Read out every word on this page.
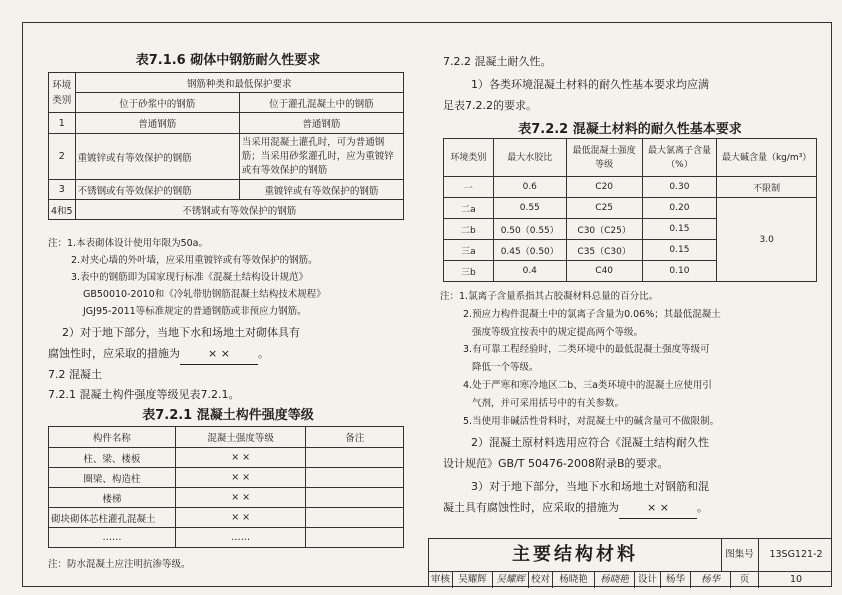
表7.1.6 砌体中钢筋耐久性要求
环境
类别	钢筋种类和最低保护要求	
	位于砂浆中的钢筋	位于灌孔混凝土中的钢筋
1	普通钢筋	普通钢筋
2	重镀锌或有等效保护的钢筋	当采用混凝土灌孔时，可为普通钢筋；当采用砂浆灌孔时，应为重镀锌或有等效保护的钢筋
3	不锈钢或有等效保护的钢筋	重镀锌或有等效保护的钢筋
4和5	不锈钢或有等效保护的钢筋	
注：1.本表砌体设计使用年限为50a。
2.对夹心墙的外叶墙，应采用重镀锌或有等效保护的钢筋。
3.表中的钢筋即为国家现行标准《混凝土结构设计规范》
GB50010-2010和《冷轧带肋钢筋混凝土结构技术规程》
JGJ95-2011等标准规定的普通钢筋或非预应力钢筋。
2）对于地下部分，当地下水和场地土对砌体具有
腐蚀性时，应采取的措施为	× ×	。
7.2 混凝土
7.2.1 混凝土构件强度等级见表7.2.1。
表7.2.1 混凝土构件强度等级
构件名称	混凝土强度等级	备注
柱、梁、楼板	× ×	
圈梁、构造柱	× ×	
楼梯	× ×	
砌块砌体芯柱灌孔混凝土	× ×	
……	……	
注：防水混凝土应注明抗渗等级。
7.2.2 混凝土耐久性。
1）各类环境混凝土材料的耐久性基本要求均应满
足表7.2.2的要求。
表7.2.2 混凝土材料的耐久性基本要求
环境类别	最大水胶比	最低混凝土强度等级	最大氯离子含量（%）	最大碱含量（kg/m³）
一	0.6	C20	0.30	不限制
二a	0.55	C25	0.20	3.0
二b	0.50（0.55）	C30（C25）	0.15	
三a	0.45（0.50）	C35（C30）	0.15	
三b	0.4	C40	0.10	
注：1.氯离子含量系指其占胶凝材料总量的百分比。
2.预应力构件混凝土中的氯离子含量为0.06%；其最低混凝土
强度等级宜按表中的规定提高两个等级。
3.有可靠工程经验时，二类环境中的最低混凝土强度等级可
降低一个等级。
4.处于严寒和寒冷地区二b、三a类环境中的混凝土应使用引
气剂，并可采用括号中的有关参数。
5.当使用非碱活性骨料时，对混凝土中的碱含量可不做限制。
2）混凝土原材料选用应符合《混凝土结构耐久性
设计规范》GB/T 50476-2008附录B的要求。
3）对于地下部分，当地下水和场地土对钢筋和混
凝土具有腐蚀性时，应采取的措施为	× ×	。
主要结构材料	图集号	13SG121-2
审核 吴耀辉 吴耀辉 校对 杨晓艳	杨晓艳 设计 杨华	杨华	页	10
